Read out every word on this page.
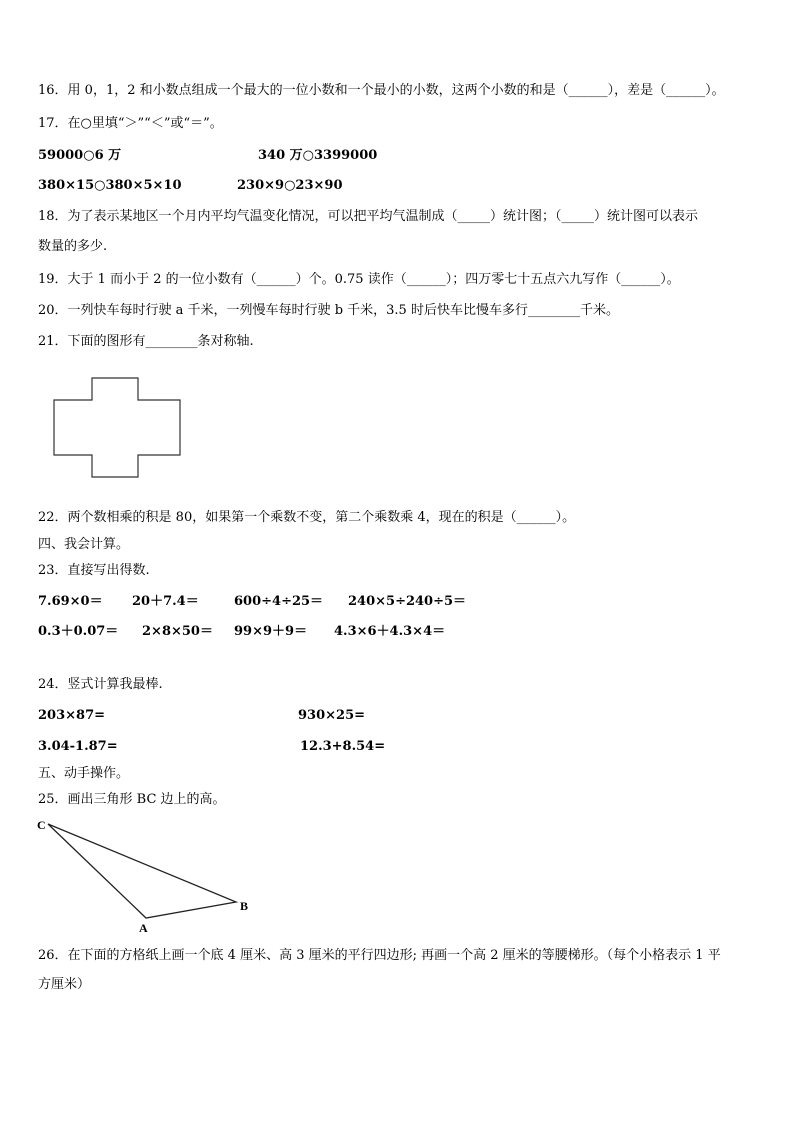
16．用 0，1，2 和小数点组成一个最大的一位小数和一个最小的小数，这两个小数的和是（______），差是（______）。
17．在○里填“＞”“＜”或“＝”。
59000○6 万	340 万○3399000
380×15○380×5×10	230×9○23×90
18．为了表示某地区一个月内平均气温变化情况，可以把平均气温制成（_____）统计图；（_____）统计图可以表示
数量的多少.
19．大于 1 而小于 2 的一位小数有（______）个。0.75 读作（______）；四万零七十五点六九写作（______）。
20．一列快车每时行驶 a 千米，一列慢车每时行驶 b 千米，3.5 时后快车比慢车多行________千米。
21．下面的图形有________条对称轴.
22．两个数相乘的积是 80，如果第一个乘数不变，第二个乘数乘 4，现在的积是（______）。
四、我会计算。
23．直接写出得数.
7.69×0＝ 20＋7.4＝	600÷4÷25＝ 240×5÷240÷5＝
0.3＋0.07＝ 2×8×50＝ 99×9＋9＝ 4.3×6＋4.3×4＝
24．竖式计算我最棒.
203×87=	930×25=
3.04-1.87=	12.3+8.54=
五、动手操作。
25．画出三角形 BC 边上的高。
C
B
A
26．在下面的方格纸上画一个底 4 厘米、高 3 厘米的平行四边形; 再画一个高 2 厘米的等腰梯形。（每个小格表示 1 平
方厘米）
